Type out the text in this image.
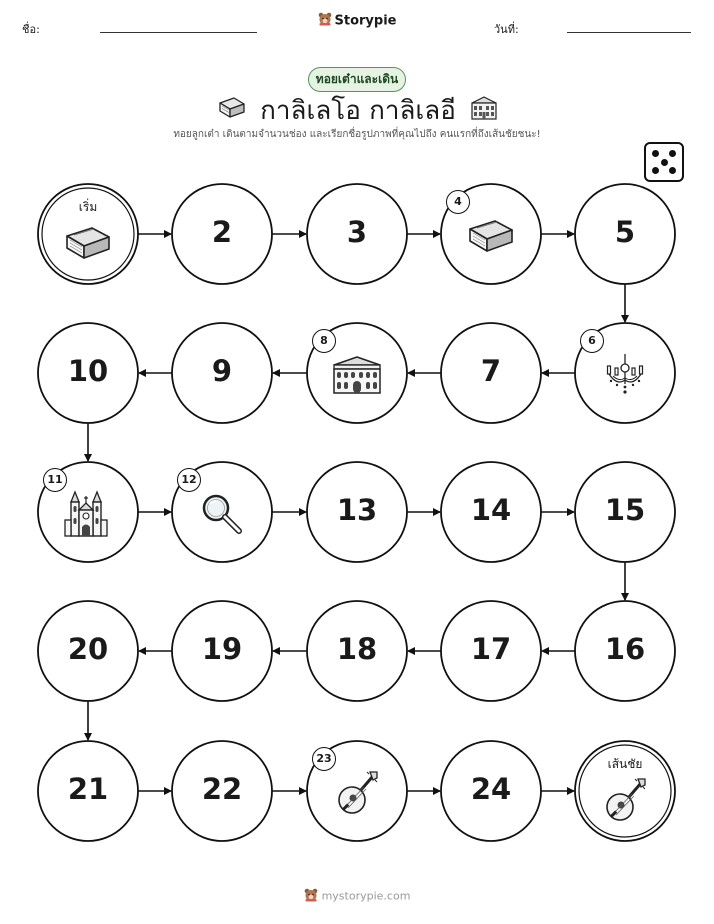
ชื่อ:
Storypie
วันที่:
ทอยเต๋าและเดิน
กาลิเลโอ กาลิเลอี
ทอยลูกเต๋า เดินตามจำนวนช่อง และเรียกชื่อรูปภาพที่คุณไปถึง คนแรกที่ถึงเส้นชัยชนะ!
เริ่ม
2	3
4
5
6
7
8
9
10
11	12
13	14	15
16
17
18
19
20
21	22
23
24
เส้นชัย
mystorypie.com
